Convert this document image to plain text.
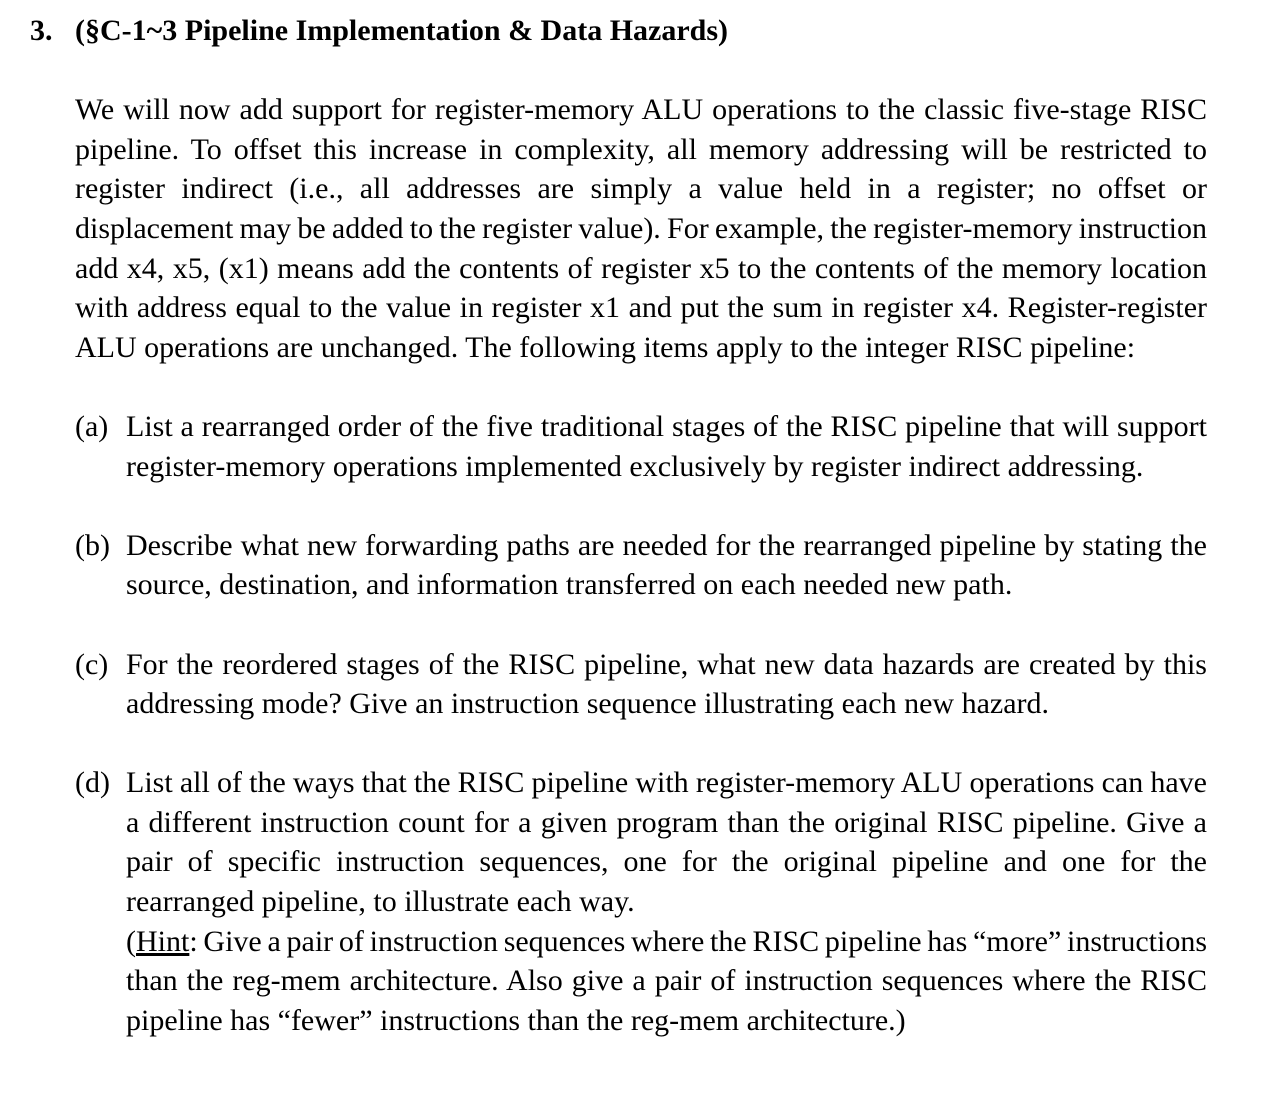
3. (§C-1~3 Pipeline Implementation & Data Hazards)
We will now add support for register-memory ALU operations to the classic five-stage RISC
pipeline. To offset this increase in complexity, all memory addressing will be restricted to
register indirect (i.e., all addresses are simply a value held in a register; no offset or
displacement may be added to the register value). For example, the register-memory instruction
add x4, x5, (x1) means add the contents of register x5 to the contents of the memory location
with address equal to the value in register x1 and put the sum in register x4. Register-register
ALU operations are unchanged. The following items apply to the integer RISC pipeline:
(a) List a rearranged order of the five traditional stages of the RISC pipeline that will support
register-memory operations implemented exclusively by register indirect addressing.
(b) Describe what new forwarding paths are needed for the rearranged pipeline by stating the
source, destination, and information transferred on each needed new path.
(c) For the reordered stages of the RISC pipeline, what new data hazards are created by this
addressing mode? Give an instruction sequence illustrating each new hazard.
(d) List all of the ways that the RISC pipeline with register-memory ALU operations can have
a different instruction count for a given program than the original RISC pipeline. Give a
pair of specific instruction sequences, one for the original pipeline and one for the
rearranged pipeline, to illustrate each way.
(Hint: Give a pair of instruction sequences where the RISC pipeline has “more” instructions
than the reg-mem architecture. Also give a pair of instruction sequences where the RISC
pipeline has “fewer” instructions than the reg-mem architecture.)
